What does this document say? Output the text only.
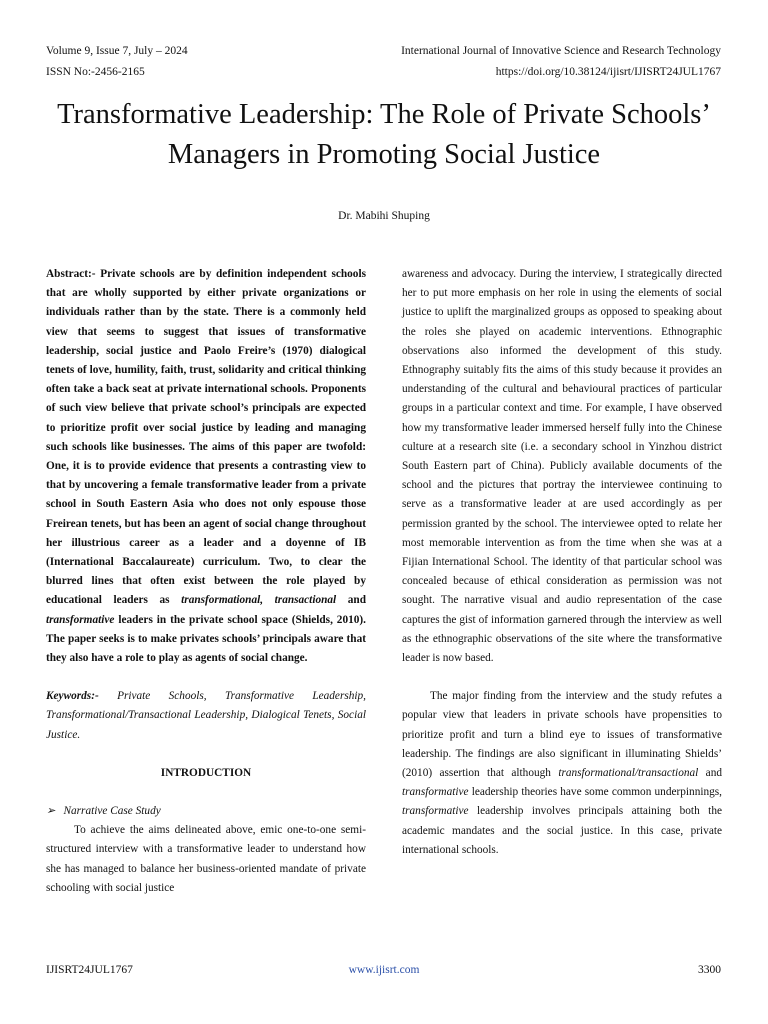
Volume 9, Issue 7, July – 2024
ISSN No:-2456-2165
International Journal of Innovative Science and Research Technology
https://doi.org/10.38124/ijisrt/IJISRT24JUL1767
Transformative Leadership: The Role of Private Schools’ Managers in Promoting Social Justice
Dr. Mabihi Shuping

Abstract:- Private schools are by definition independent schools that are wholly supported by either private organizations or individuals rather than by the state. There is a commonly held view that seems to suggest that issues of transformative leadership, social justice and Paolo Freire’s (1970) dialogical tenets of love, humility, faith, trust, solidarity and critical thinking often take a back seat at private international schools. Proponents of such view believe that private school’s principals are expected to prioritize profit over social justice by leading and managing such schools like businesses. The aims of this paper are twofold: One, it is to provide evidence that presents a contrasting view to that by uncovering a female transformative leader from a private school in South Eastern Asia who does not only espouse those Freirean tenets, but has been an agent of social change throughout her illustrious career as a leader and a doyenne of IB (International Baccalaureate) curriculum. Two, to clear the blurred lines that often exist between the role played by educational leaders as transformational, transactional and transformative leaders in the private school space (Shields, 2010). The paper seeks is to make privates schools’ principals aware that they also have a role to play as agents of social change.

Keywords:- Private Schools, Transformative Leadership, Transformational/Transactional Leadership, Dialogical Tenets, Social Justice.

INTRODUCTION

➢ Narrative Case Study

To achieve the aims delineated above, emic one-to-one semi- structured interview with a transformative leader to understand how she has managed to balance her business-oriented mandate of private schooling with social justice

awareness and advocacy. During the interview, I strategically directed her to put more emphasis on her role in using the elements of social justice to uplift the marginalized groups as opposed to speaking about the roles she played on academic interventions. Ethnographic observations also informed the development of this study. Ethnography suitably fits the aims of this study because it provides an understanding of the cultural and behavioural practices of particular groups in a particular context and time. For example, I have observed how my transformative leader immersed herself fully into the Chinese culture at a research site (i.e. a secondary school in Yinzhou district South Eastern part of China). Publicly available documents of the school and the pictures that portray the interviewee continuing to serve as a transformative leader at are used accordingly as per permission granted by the school. The interviewee opted to relate her most memorable intervention as from the time when she was at a Fijian International School. The identity of that particular school was concealed because of ethical consideration as permission was not sought. The narrative visual and audio representation of the case captures the gist of information garnered through the interview as well as the ethnographic observations of the site where the transformative leader is now based.

The major finding from the interview and the study refutes a popular view that leaders in private schools have propensities to prioritize profit and turn a blind eye to issues of transformative leadership. The findings are also significant in illuminating Shields’ (2010) assertion that although transformational/transactional and transformative leadership theories have some common underpinnings, transformative leadership involves principals attaining both the academic mandates and the social justice. In this case, private international schools.

IJISRT24JUL1767	www.ijisrt.com	3300
